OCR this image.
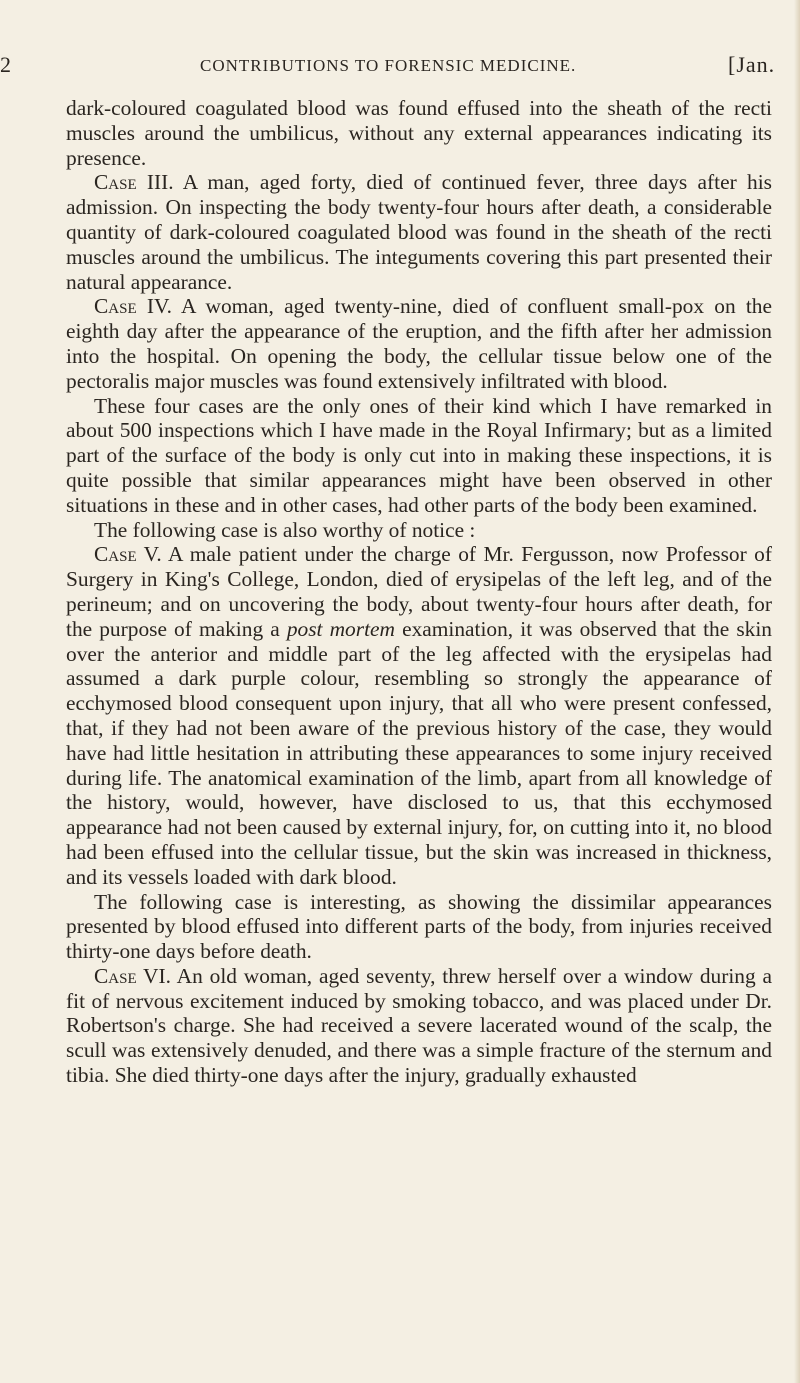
2	CONTRIBUTIONS TO FORENSIC MEDICINE.	[Jan.

dark-coloured coagulated blood was found effused into the sheath of the recti muscles around the umbilicus, without any external appearances indicating its presence.

Case III. A man, aged forty, died of continued fever, three days after his admission. On inspecting the body twenty-four hours after death, a considerable quantity of dark-coloured coagulated blood was found in the sheath of the recti muscles around the umbilicus. The integuments covering this part presented their natural appearance.

Case IV. A woman, aged twenty-nine, died of confluent small-pox on the eighth day after the appearance of the eruption, and the fifth after her admission into the hospital. On opening the body, the cellular tissue below one of the pectoralis major muscles was found extensively infiltrated with blood.

These four cases are the only ones of their kind which I have remarked in about 500 inspections which I have made in the Royal Infirmary; but as a limited part of the surface of the body is only cut into in making these inspections, it is quite possible that similar appearances might have been observed in other situations in these and in other cases, had other parts of the body been examined.

The following case is also worthy of notice :

Case V. A male patient under the charge of Mr. Fergusson, now Professor of Surgery in King's College, London, died of erysipelas of the left leg, and of the perineum; and on uncovering the body, about twenty-four hours after death, for the purpose of making a post mortem examination, it was observed that the skin over the anterior and middle part of the leg affected with the erysipelas had assumed a dark purple colour, resembling so strongly the appearance of ecchymosed blood consequent upon injury, that all who were present confessed, that, if they had not been aware of the previous history of the case, they would have had little hesitation in attributing these appearances to some injury received during life. The anatomical examination of the limb, apart from all knowledge of the history, would, however, have disclosed to us, that this ecchymosed appearance had not been caused by external injury, for, on cutting into it, no blood had been effused into the cellular tissue, but the skin was increased in thickness, and its vessels loaded with dark blood.

The following case is interesting, as showing the dissimilar appearances presented by blood effused into different parts of the body, from injuries received thirty-one days before death.

Case VI. An old woman, aged seventy, threw herself over a window during a fit of nervous excitement induced by smoking tobacco, and was placed under Dr. Robertson's charge. She had received a severe lacerated wound of the scalp, the scull was extensively denuded, and there was a simple fracture of the sternum and tibia. She died thirty-one days after the injury, gradually exhausted
